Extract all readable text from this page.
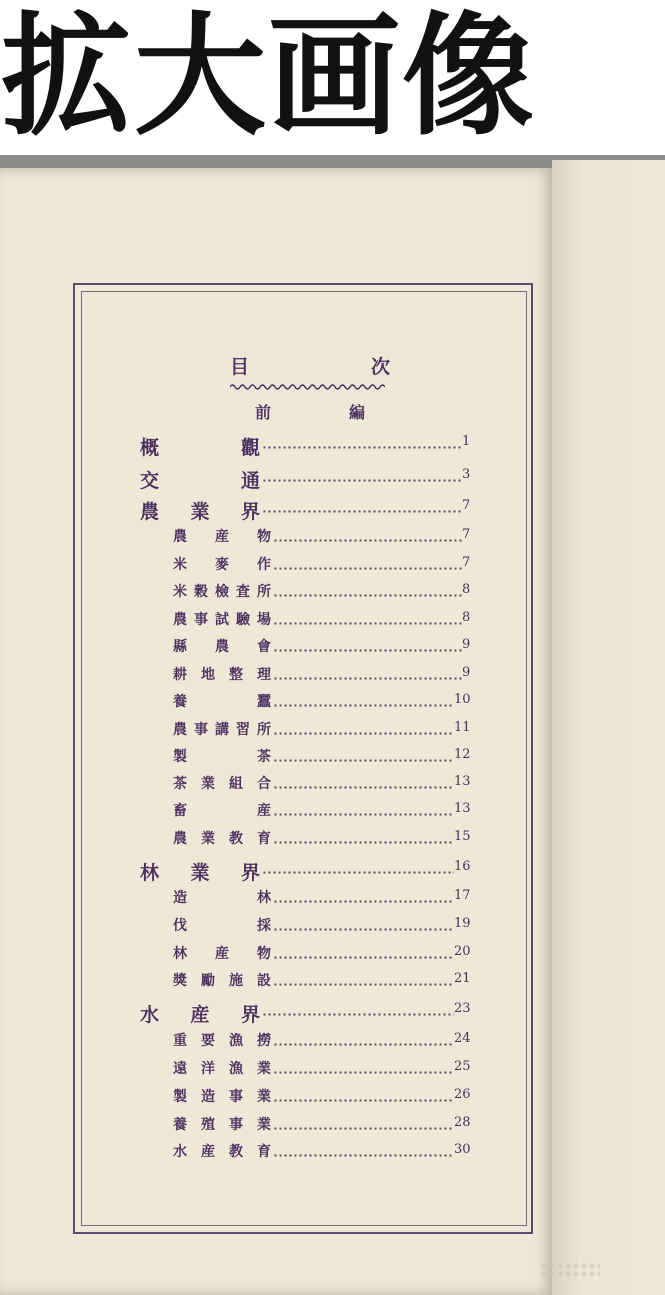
拡大画像
目	次
前	編
概	觀	1
交	通	3
農 業 界	7
農 産 物	7
米 麥 作	7
米 穀 檢 査 所	8
農 事 試 驗 場	8
縣 農 會	9
耕 地 整 理	9
養	蠶	10
農 事 講 習 所	11
製	茶	12
茶 業 組 合	13
畜	産	13
農 業 教 育	15
林 業 界	16
造	林	17
伐	採	19
林 産 物	20
獎 勵 施 設	21
水 産 界	23
重 要 漁 撈	24
遠 洋 漁 業	25
製 造 事 業	26
養 殖 事 業	28
水 産 教 育	30
